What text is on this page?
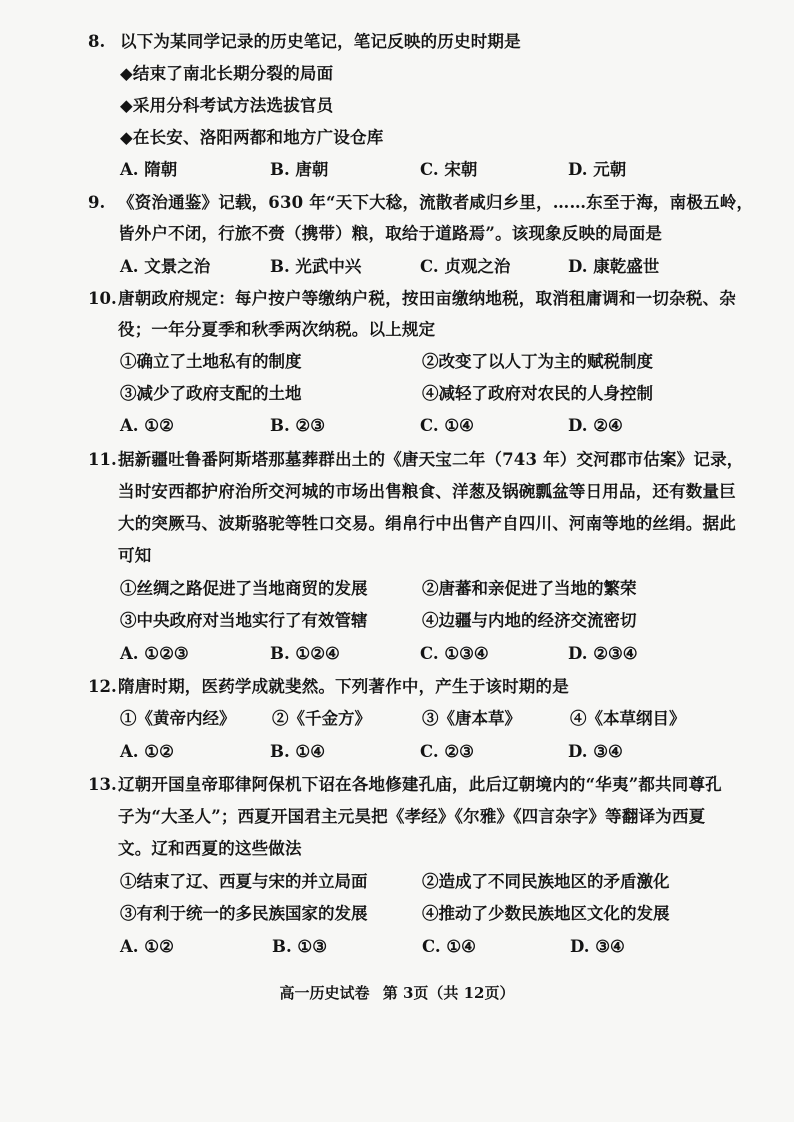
8. 以下为某同学记录的历史笔记，笔记反映的历史时期是
◆结束了南北长期分裂的局面
◆采用分科考试方法选拔官员
◆在长安、洛阳两都和地方广设仓库
A. 隋朝	B. 唐朝	C. 宋朝	D. 元朝
9. 《资治通鉴》记载，630 年“天下大稔，流散者咸归乡里，……东至于海，南极五岭，
皆外户不闭，行旅不赍（携带）粮，取给于道路焉”。该现象反映的局面是
A. 文景之治	B. 光武中兴	C. 贞观之治	D. 康乾盛世
10. 唐朝政府规定：每户按户等缴纳户税，按田亩缴纳地税，取消租庸调和一切杂税、杂
役；一年分夏季和秋季两次纳税。以上规定
①确立了土地私有的制度	②改变了以人丁为主的赋税制度
③减少了政府支配的土地	④减轻了政府对农民的人身控制
A. ①②	B. ②③	C. ①④	D. ②④
11. 据新疆吐鲁番阿斯塔那墓葬群出土的《唐天宝二年（743 年）交河郡市估案》记录，
当时安西都护府治所交河城的市场出售粮食、洋葱及锅碗瓢盆等日用品，还有数量巨
大的突厥马、波斯骆驼等牲口交易。绢帛行中出售产自四川、河南等地的丝绢。据此
可知
①丝绸之路促进了当地商贸的发展	②唐蕃和亲促进了当地的繁荣
③中央政府对当地实行了有效管辖	④边疆与内地的经济交流密切
A. ①②③	B. ①②④	C. ①③④	D. ②③④
12. 隋唐时期，医药学成就斐然。下列著作中，产生于该时期的是
①《黄帝内经》 ②《千金方》	③《唐本草》	④《本草纲目》
A. ①②	B. ①④	C. ②③	D. ③④
13. 辽朝开国皇帝耶律阿保机下诏在各地修建孔庙，此后辽朝境内的“华夷”都共同尊孔
子为“大圣人”；西夏开国君主元昊把《孝经》《尔雅》《四言杂字》等翻译为西夏
文。辽和西夏的这些做法
①结束了辽、西夏与宋的并立局面	②造成了不同民族地区的矛盾激化
③有利于统一的多民族国家的发展	④推动了少数民族地区文化的发展
A. ①②	B. ①③	C. ①④	D. ③④
高一历史试卷 第 3页（共 12页）
